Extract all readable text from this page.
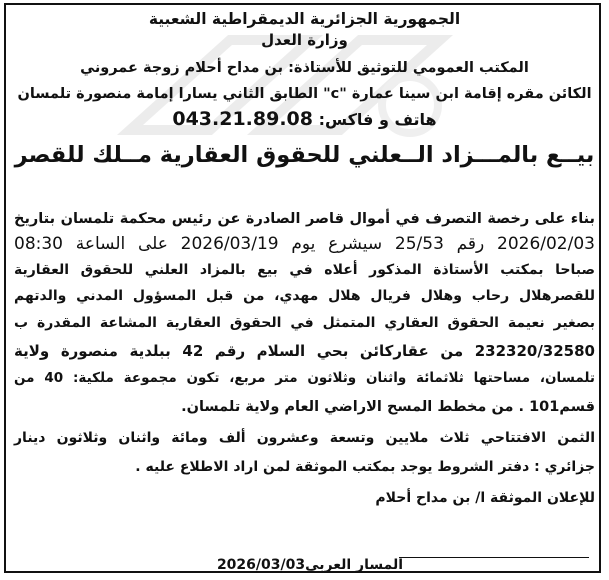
الجمهورية الجزائرية الديمقراطية الشعبية
وزارة العدل
المكتب العمومي للتوثيق للأستاذة: بن مداح أحلام زوجة عمروني
الكائن مقره إقامة ابن سينا عمارة "c" الطابق الثاني يسارا إمامة منصورة تلمسان
هاتف و فاكس: 043.21.89.08
بيــع بالمـــزاد الــعلني للحقوق العقارية مــلك للقصر
بناء على رخصة التصرف في أموال قاصر الصادرة عن رئيس محكمة تلمسان بتاريخ
2026/02/03 رقم 25/53 سيشرع يوم 2026/03/19 على الساعة 08:30
صباحا بمكتب الأستاذة المذكور أعلاه في بيع بالمزاد العلني للحقوق العقارية
للقصرهلال رحاب وهلال فريال هلال مهدي، من قبل المسؤول المدني والدتهم
بصغير نعيمة الحقوق العقاري المتمثل في الحقوق العقارية المشاعة المقدرة ب
232320/32580 من عقاركائن بحي السلام رقم 42 ببلدية منصورة ولاية
تلمسان، مساحتها ثلاثمائة واثنان وثلاثون متر مربع، تكون مجموعة ملكية: 40 من
قسم101 . من مخطط المسح الاراضي العام ولاية تلمسان.
الثمن الافتتاحي ثلاث ملايين وتسعة وعشرون ألف ومائة واثنان وثلاثون دينار
جزائري : دفتر الشروط يوجد بمكتب الموثقة لمن اراد الاطلاع عليه .
للإعلان الموثقة ا/ بن مداح أحلام
المسار العربي2026/03/03
